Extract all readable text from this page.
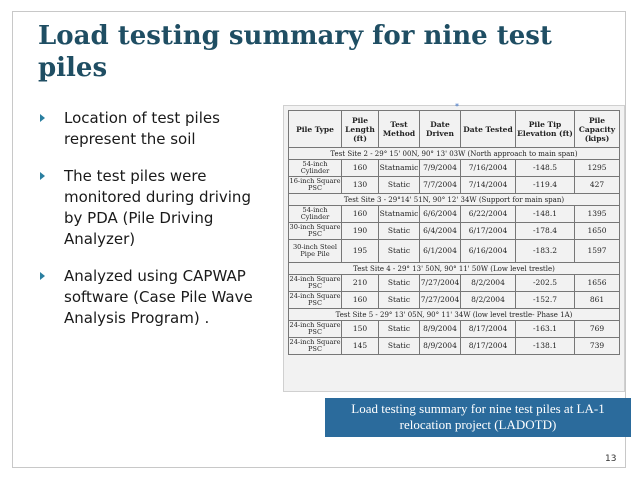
Load testing summary for nine test piles
Location of test piles represent the soil
The test piles were monitored during driving by PDA (Pile Driving Analyzer)
Analyzed using CAPWAP software (Case Pile Wave Analysis Program) .
Pile Type	Pile Length (ft)	Test Method	Date Driven	Date Tested	Pile Tip Elevation (ft)	Pile Capacity (kips)
Test Site 2 - 29° 15' 00N, 90° 13' 03W (North approach to main span)						
54-inch Cylinder	160	Statnamic	7/9/2004	7/16/2004	-148.5	1295
16-inch Square PSC	130	Static	7/7/2004	7/14/2004	-119.4	427
Test Site 3 - 29°14' 51N, 90° 12' 34W (Support for main span)						
54-inch Cylinder	160	Statnamic	6/6/2004	6/22/2004	-148.1	1395
30-inch Square PSC	190	Static	6/4/2004	6/17/2004	-178.4	1650
30-inch Steel Pipe Pile	195	Static	6/1/2004	6/16/2004	-183.2	1597
Test Site 4 - 29° 13' 50N, 90° 11' 50W (Low level trestle)						
24-inch Square PSC	210	Static	7/27/2004	8/2/2004	-202.5	1656
24-inch Square PSC	160	Static	7/27/2004	8/2/2004	-152.7	861
Test Site 5 - 29° 13' 05N, 90° 11' 34W (low level trestle- Phase 1A)						
24-inch Square PSC	150	Static	8/9/2004	8/17/2004	-163.1	769
24-inch Square PSC	145	Static	8/9/2004	8/17/2004	-138.1	739
*
Load testing summary for nine test piles at LA-1 relocation project (LADOTD)
13
